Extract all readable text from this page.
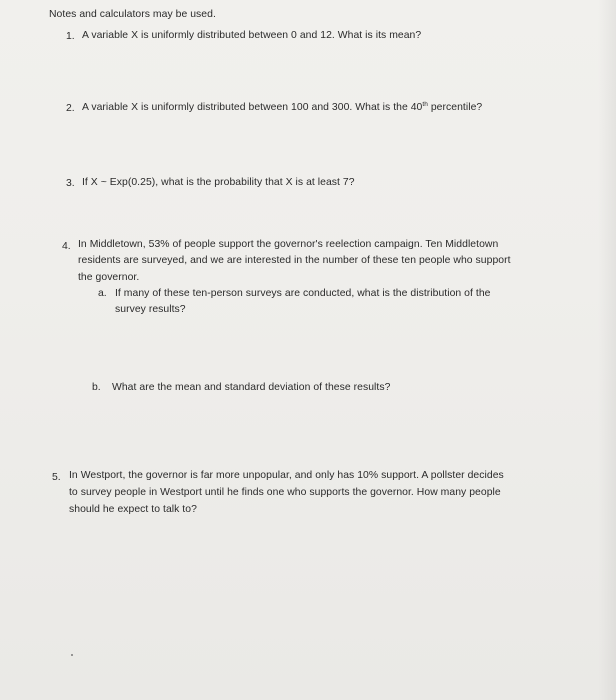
Notes and calculators may be used.
1. A variable X is uniformly distributed between 0 and 12. What is its mean?
2. A variable X is uniformly distributed between 100 and 300. What is the 40th percentile?
3. If X ~ Exp(0.25), what is the probability that X is at least 7?
4. In Middletown, 53% of people support the governor's reelection campaign. Ten Middletown
residents are surveyed, and we are interested in the number of these ten people who support
the governor.
a. If many of these ten-person surveys are conducted, what is the distribution of the
survey results?
b. What are the mean and standard deviation of these results?
5. In Westport, the governor is far more unpopular, and only has 10% support. A pollster decides
to survey people in Westport until he finds one who supports the governor. How many people
should he expect to talk to?
